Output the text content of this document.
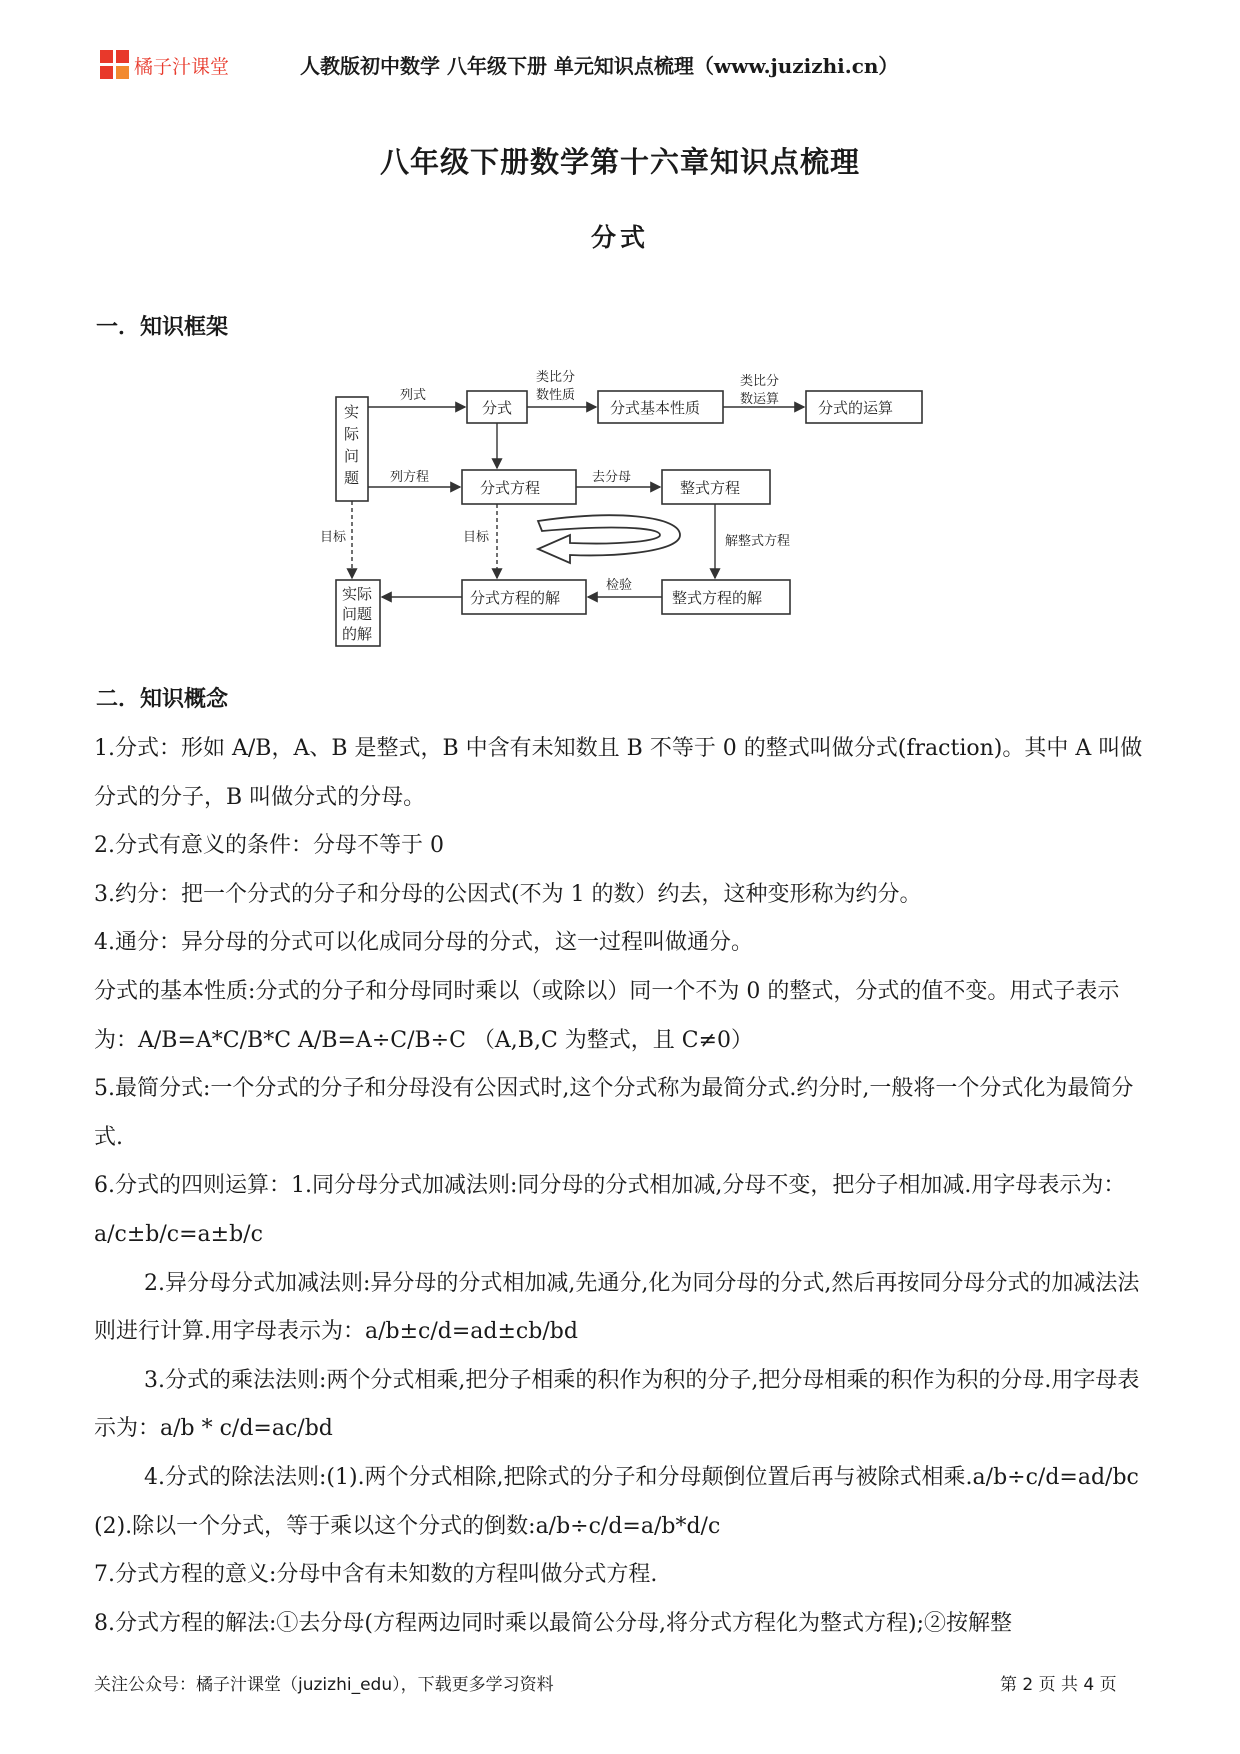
橘子汁课堂	人教版初中数学 八年级下册 单元知识点梳理（www.juzizhi.cn）
八年级下册数学第十六章知识点梳理
分式
一．知识框架
实
际
问
题
分式	分式基本性质	分式的运算
分式方程	整式方程
分式方程的解	整式方程的解
实际
问题
的解
列式
类比分
数性质
类比分
数运算
列方程	去分母
解整式方程
检验
目标	目标
二．知识概念

1.分式：形如 A/B，A、B 是整式，B 中含有未知数且 B 不等于 0 的整式叫做分式(fraction)。其中 A 叫做分式的分子，B 叫做分式的分母。

2.分式有意义的条件：分母不等于 0

3.约分：把一个分式的分子和分母的公因式(不为 1 的数）约去，这种变形称为约分。

4.通分：异分母的分式可以化成同分母的分式，这一过程叫做通分。

分式的基本性质:分式的分子和分母同时乘以（或除以）同一个不为 0 的整式，分式的值不变。用式子表示为：A/B=A*C/B*C A/B=A÷C/B÷C （A,B,C 为整式，且 C≠0）

5.最简分式:一个分式的分子和分母没有公因式时,这个分式称为最简分式.约分时,一般将一个分式化为最简分式.

6.分式的四则运算：1.同分母分式加减法则:同分母的分式相加减,分母不变，把分子相加减.用字母表示为：a/c±b/c=a±b/c

2.异分母分式加减法则:异分母的分式相加减,先通分,化为同分母的分式,然后再按同分母分式的加减法法则进行计算.用字母表示为：a/b±c/d=ad±cb/bd

3.分式的乘法法则:两个分式相乘,把分子相乘的积作为积的分子,把分母相乘的积作为积的分母.用字母表示为：a/b * c/d=ac/bd

4.分式的除法法则:(1).两个分式相除,把除式的分子和分母颠倒位置后再与被除式相乘.a/b÷c/d=ad/bc (2).除以一个分式，等于乘以这个分式的倒数:a/b÷c/d=a/b*d/c

7.分式方程的意义:分母中含有未知数的方程叫做分式方程.

8.分式方程的解法:①去分母(方程两边同时乘以最简公分母,将分式方程化为整式方程);②按解整

关注公众号：橘子汁课堂（juzizhi_edu），下载更多学习资料	第 2 页 共 4 页
